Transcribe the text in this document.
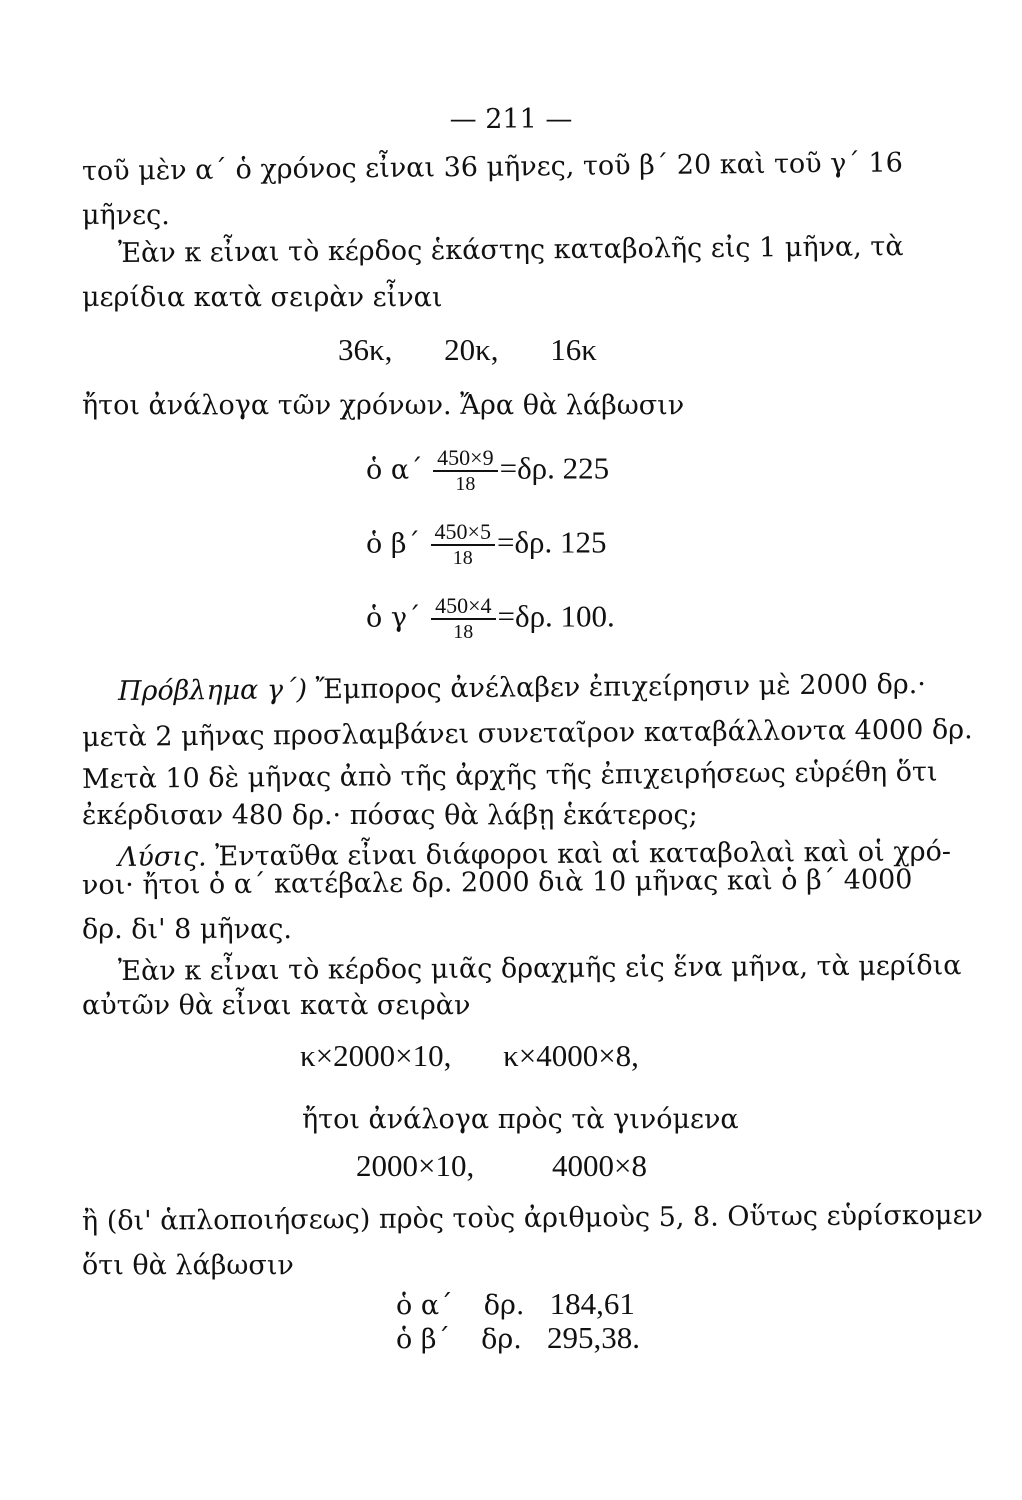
— 211 —
τοῦ μὲν α΄ ὁ χρόνος εἶναι 36 μῆνες, τοῦ β΄ 20 καὶ τοῦ γ΄ 16
μῆνες.
Ἐὰν κ εἶναι τὸ κέρδος ἑκάστης καταβολῆς εἰς 1 μῆνα, τὰ
μερίδια κατὰ σειρὰν εἶναι
36κ, 20κ, 16κ
ἤτοι ἀνάλογα τῶν χρόνων. Ἄρα θὰ λάβωσιν
ὁ $\alpha΄ \frac{450\times 9}{18} =\delta\rho$. 225
ὁ $\beta΄ \frac{450\times 5}{18} =\delta\rho$. 125
ὁ $\gamma΄ \frac{450\times 4}{18} =\delta\rho$. 100.
Πρόβλημα γ΄) Ἔμπορος ἀνέλαβεν ἐπιχείρησιν μὲ 2000 δρ.·
μετὰ 2 μῆνας προσλαμβάνει συνεταῖρον καταβάλλοντα 4000 δρ.
Μετὰ 10 δὲ μῆνας ἀπὸ τῆς ἀρχῆς τῆς ἐπιχειρήσεως εὑρέθη ὅτι
ἐκέρδισαν 480 δρ.· πόσας θὰ λάβῃ ἑκάτερος;
Λύσις. Ἐνταῦθα εἶναι διάφοροι καὶ αἱ καταβολαὶ καὶ οἱ χρό-
νοι· ἤτοι ὁ α΄ κατέβαλε δρ. 2000 διὰ 10 μῆνας καὶ ὁ β΄ 4000
δρ. δι' 8 μῆνας.
Ἐὰν κ εἶναι τὸ κέρδος μιᾶς δραχμῆς εἰς ἕνα μῆνα, τὰ μερίδια
αὐτῶν θὰ εἶναι κατὰ σειρὰν
κ×2000×10, κ×4000×8,
ἤτοι ἀνάλογα πρὸς τὰ γινόμενα
2000×10,	4000×8
ἢ (δι' ἁπλοποιήσεως) πρὸς τοὺς ἀριθμοὺς 5, 8. Οὕτως εὑρίσκομεν
ὅτι θὰ λάβωσιν
ὁ α΄ δρ. 184,61
ὁ β΄ δρ. 295,38.
